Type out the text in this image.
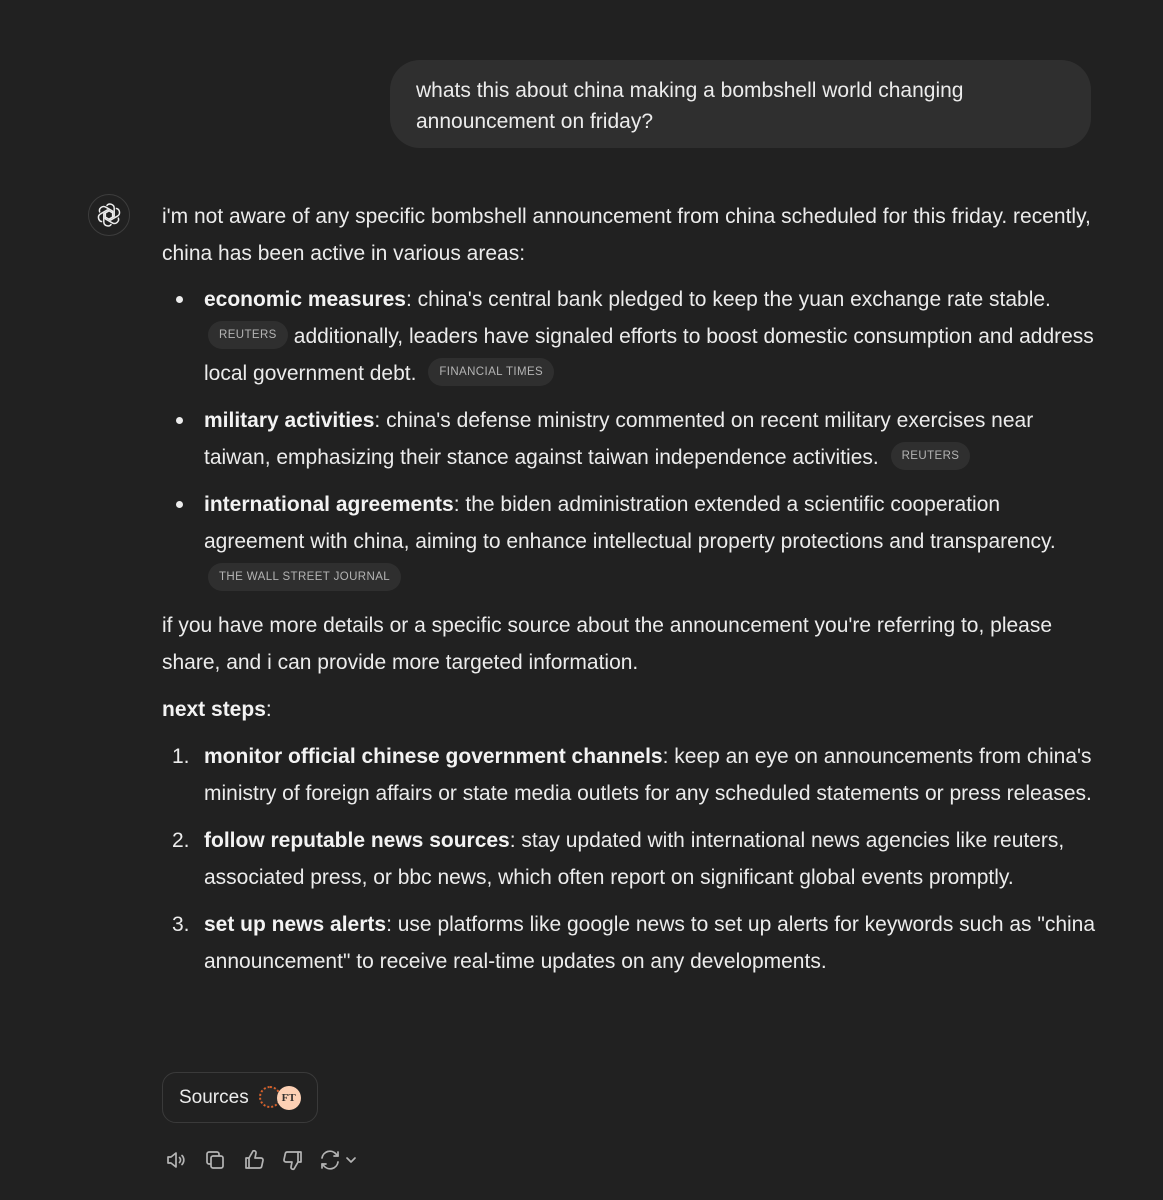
whats this about china making a bombshell world changing
announcement on friday?

i'm not aware of any specific bombshell announcement from china scheduled for this friday. recently, china has been active in various areas:

economic measures: china's central bank pledged to keep the yuan exchange rate stable. REUTERS additionally, leaders have signaled efforts to boost domestic consumption and address local government debt. FINANCIAL TIMES
military activities: china's defense ministry commented on recent military exercises near taiwan, emphasizing their stance against taiwan independence activities. REUTERS
international agreements: the biden administration extended a scientific cooperation agreement with china, aiming to enhance intellectual property protections and transparency. THE WALL STREET JOURNAL

if you have more details or a specific source about the announcement you're referring to, please share, and i can provide more targeted information.

next steps:

1. monitor official chinese government channels: keep an eye on announcements from china's ministry of foreign affairs or state media outlets for any scheduled statements or press releases.
2. follow reputable news sources: stay updated with international news agencies like reuters, associated press, or bbc news, which often report on significant global events promptly.
3. set up news alerts: use platforms like google news to set up alerts for keywords such as "china announcement" to receive real-time updates on any developments.
Sources	FT
